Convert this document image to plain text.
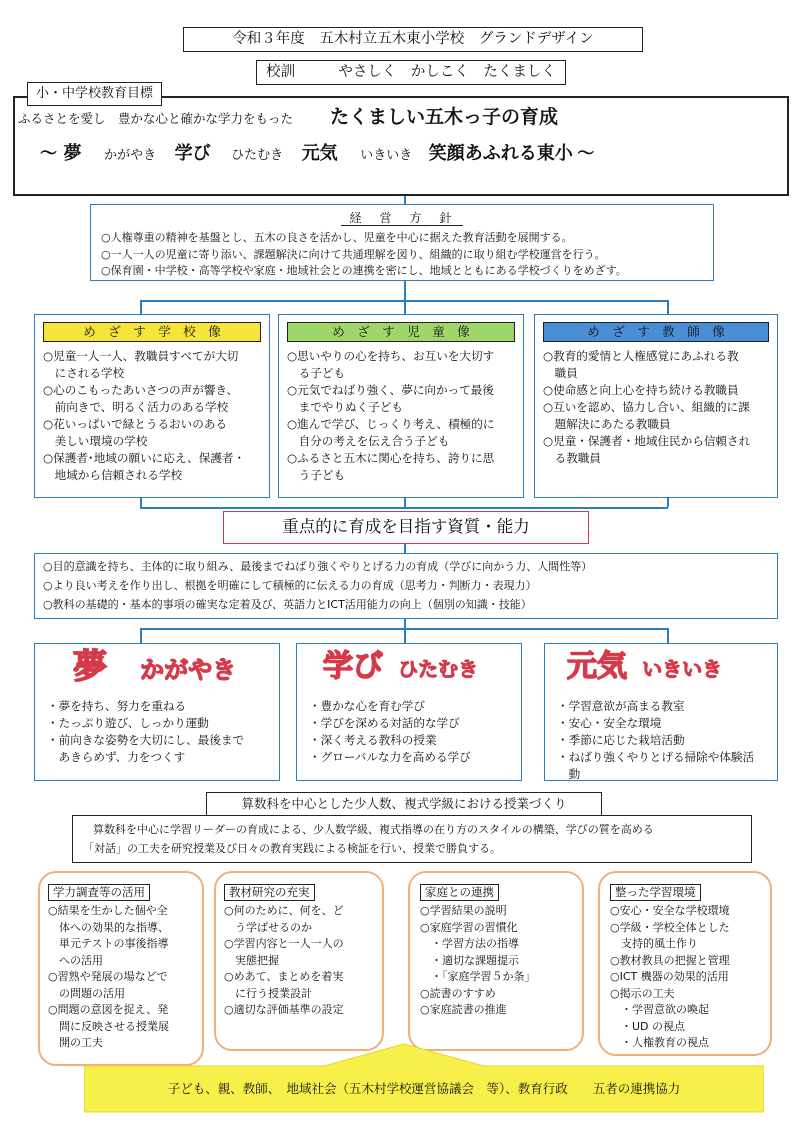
令和３年度　五木村立五木東小学校　グランドデザイン
校訓	やさしく　かしこく　たくましく
小・中学校教育目標
ふるさとを愛し　豊かな心と確かな学力をもった たくましい五木っ子の育成
～ 夢 かがやき 学び ひたむき 元気 いきいき 笑顔あふれる東小 ～
経　営　方　針
○人権尊重の精神を基盤とし、五木の良さを活かし、児童を中心に据えた教育活動を展開する。
○一人一人の児童に寄り添い、課題解決に向けて共通理解を図り、組織的に取り組む学校運営を行う。
○保育園・中学校・高等学校や家庭・地域社会との連携を密にし、地域とともにある学校づくりをめざす。
め　ざ　す　学　校　像
○児童一人一人、教職員すべてが大切
　にされる学校
○心のこもったあいさつの声が響き、
　前向きで、明るく活力のある学校
○花いっぱいで緑とうるおいのある
　美しい環境の学校
○保護者･地域の願いに応え、保護者・
　地域から信頼される学校
め　ざ　す　児　童　像
○思いやりの心を持ち、お互いを大切す
　る子ども
○元気でねばり強く、夢に向かって最後
　までやりぬく子ども
○進んで学び、じっくり考え、積極的に
　自分の考えを伝え合う子ども
○ふるさと五木に関心を持ち、誇りに思
　う子ども
め　ざ　す　教　師　像
○教育的愛情と人権感覚にあふれる教
　職員
○使命感と向上心を持ち続ける教職員
○互いを認め、協力し合い、組織的に課
　題解決にあたる教職員
○児童・保護者・地域住民から信頼され
　る教職員
重点的に育成を目指す資質・能力
○目的意識を持ち、主体的に取り組み、最後までねばり強くやりとげる力の育成（学びに向かう力、人間性等）
○より良い考えを作り出し、根拠を明確にして積極的に伝える力の育成（思考力・判断力・表現力）
○教科の基礎的・基本的事項の確実な定着及び、英語力とICT活用能力の向上（個別の知識・技能）
夢 かがやき
・夢を持ち、努力を重ねる
・たっぷり遊び、しっかり運動
・前向きな姿勢を大切にし、最後まで
　あきらめず、力をつくす
学び ひたむき
・豊かな心を育む学び
・学びを深める対話的な学び
・深く考える教科の授業
・グローバルな力を高める学び
元気 いきいき
・学習意欲が高まる教室
・安心・安全な環境
・季節に応じた栽培活動
・ねばり強くやりとげる掃除や体験活
　動
算数科を中心とした少人数、複式学級における授業づくり
算数科を中心に学習リーダーの育成による、少人数学級、複式指導の在り方のスタイルの構築、学びの質を高める
「対話」の工夫を研究授業及び日々の教育実践による検証を行い、授業で勝負する。
学力調査等の活用
○結果を生かした個や全
　体への効果的な指導、
　単元テストの事後指導
　への活用
○習熟や発展の場などで
　の問題の活用
○問題の意図を捉え、発
　問に反映させる授業展
　開の工夫
教材研究の充実
○何のために、何を、ど
　う学ばせるのか
○学習内容と一人一人の
　実態把握
○めあて、まとめを着実
　に行う授業設計
○適切な評価基準の設定
家庭との連携
○学習結果の説明
○家庭学習の習慣化
　・学習方法の指導
　・適切な課題提示
　・「家庭学習５か条」
○読書のすすめ
○家庭読書の推進
整った学習環境
○安心・安全な学校環境
○学級・学校全体とした
　支持的風土作り
○教材教具の把握と管理
○ICT 機器の効果的活用
○掲示の工夫
　・学習意欲の喚起
　・UD の視点
　・人権教育の視点
子ども、親、教師、　地域社会（五木村学校運営協議会　等）、教育行政　　五者の連携協力
